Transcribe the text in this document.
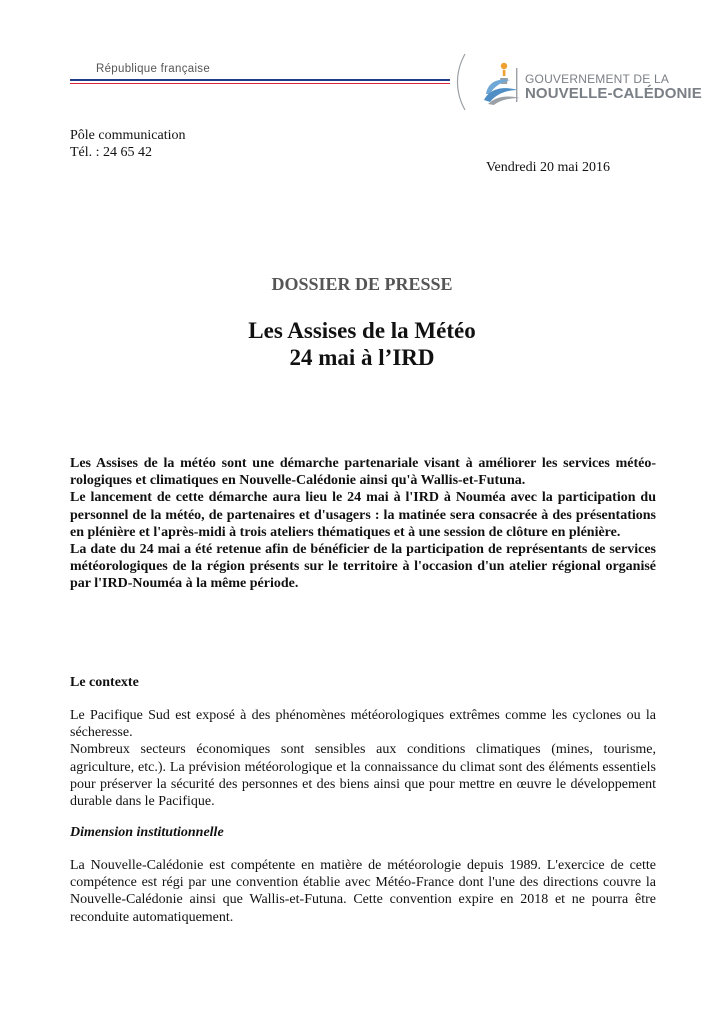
République française
GOUVERNEMENT DE LA
NOUVELLE-CALÉDONIE
Pôle communication
Tél. : 24 65 42
Vendredi 20 mai 2016
DOSSIER DE PRESSE
Les Assises de la Météo
24 mai à l’IRD

Les Assises de la météo sont une démarche partenariale visant à améliorer les services météo-rologiques et climatiques en Nouvelle-Calédonie ainsi qu'à Wallis-et-Futuna.

Le lancement de cette démarche aura lieu le 24 mai à l'IRD à Nouméa avec la participation du personnel de la météo, de partenaires et d'usagers : la matinée sera consacrée à des présentations en plénière et l'après-midi à trois ateliers thématiques et à une session de clôture en plénière.

La date du 24 mai a été retenue afin de bénéficier de la participation de représentants de services météorologiques de la région présents sur le territoire à l'occasion d'un atelier régional organisé par l'IRD-Nouméa à la même période.

Le contexte

Le Pacifique Sud est exposé à des phénomènes météorologiques extrêmes comme les cyclones ou la sécheresse.

Nombreux secteurs économiques sont sensibles aux conditions climatiques (mines, tourisme, agriculture, etc.). La prévision météorologique et la connaissance du climat sont des éléments essentiels pour préserver la sécurité des personnes et des biens ainsi que pour mettre en œuvre le développement durable dans le Pacifique.

Dimension institutionnelle

La Nouvelle-Calédonie est compétente en matière de météorologie depuis 1989. L'exercice de cette compétence est régi par une convention établie avec Météo-France dont l'une des directions couvre la Nouvelle-Calédonie ainsi que Wallis-et-Futuna. Cette convention expire en 2018 et ne pourra être reconduite automatiquement.
